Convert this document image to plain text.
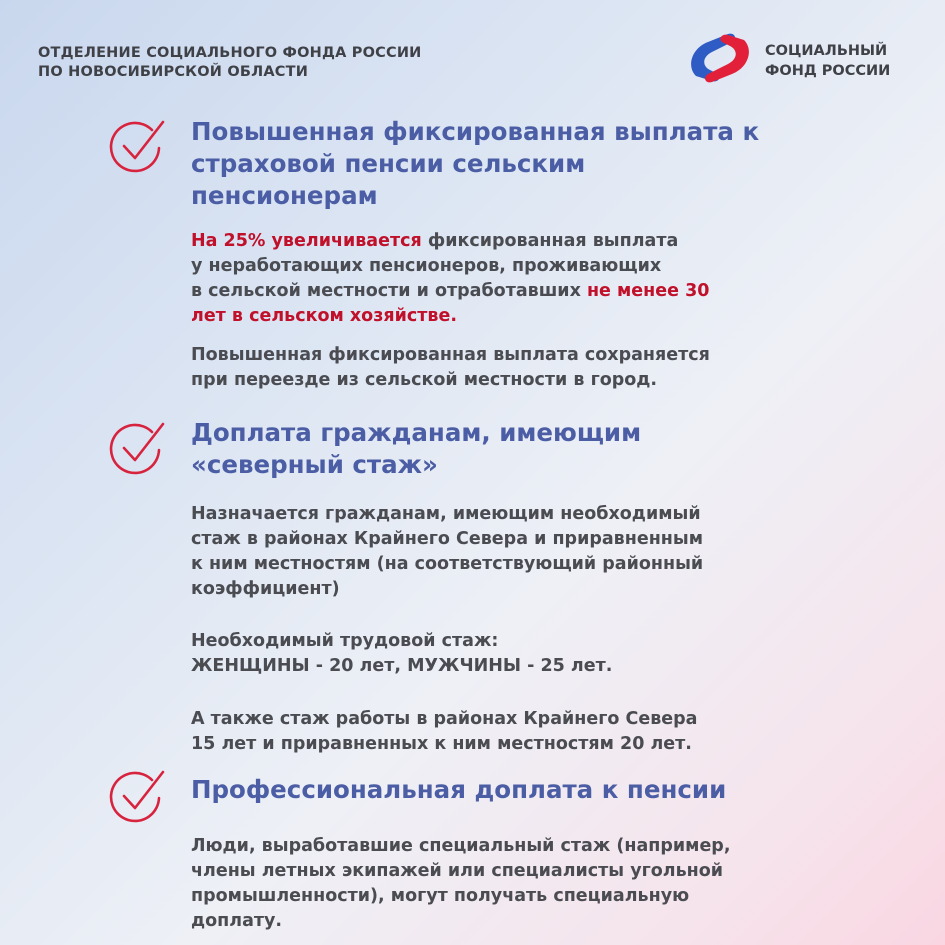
ОТДЕЛЕНИЕ СОЦИАЛЬНОГО ФОНДА РОССИИ
ПО НОВОСИБИРСКОЙ ОБЛАСТИ
СОЦИАЛЬНЫЙ
ФОНД РОССИИ
Повышенная фиксированная выплата к
страховой пенсии сельским
пенсионерам
На 25% увеличивается фиксированная выплата
у неработающих пенсионеров, проживающих
в сельской местности и отработавших не менее 30
лет в сельском хозяйстве.
Повышенная фиксированная выплата сохраняется
при переезде из сельской местности в город.
Доплата гражданам, имеющим
«северный стаж»
Назначается гражданам, имеющим необходимый
стаж в районах Крайнего Севера и приравненным
к ним местностям (на соответствующий районный
коэффициент)
Необходимый трудовой стаж:
ЖЕНЩИНЫ - 20 лет, МУЖЧИНЫ - 25 лет.
А также стаж работы в районах Крайнего Севера
15 лет и приравненных к ним местностям 20 лет.
Профессиональная доплата к пенсии
Люди, выработавшие специальный стаж (например,
члены летных экипажей или специалисты угольной
промышленности), могут получать специальную
доплату.
